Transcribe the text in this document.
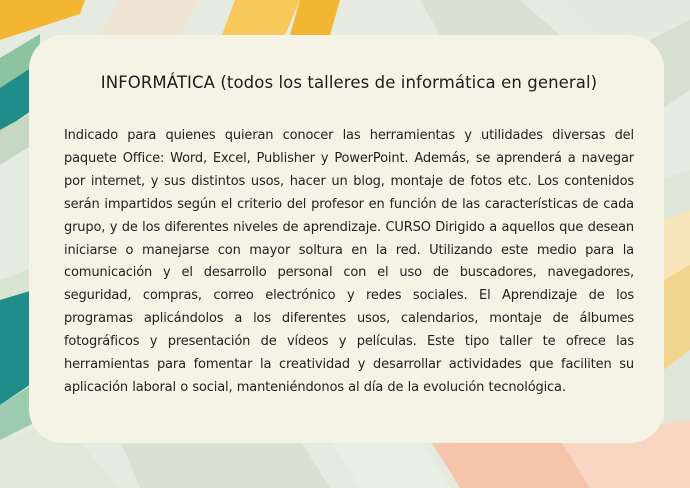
INFORMÁTICA (todos los talleres de informática en general)

Indicado para quienes quieran conocer las herramientas y utilidades diversas del paquete Office: Word, Excel, Publisher y PowerPoint. Además, se aprenderá a navegar por internet, y sus distintos usos, hacer un blog, montaje de fotos etc. Los contenidos serán impartidos según el criterio del profesor en función de las características de cada grupo, y de los diferentes niveles de aprendizaje. CURSO Dirigido a aquellos que desean iniciarse o manejarse con mayor soltura en la red. Utilizando este medio para la comunicación y el desarrollo personal con el uso de buscadores, navegadores, seguridad, compras, correo electrónico y redes sociales. El Aprendizaje de los programas aplicándolos a los diferentes usos, calendarios, montaje de álbumes fotográficos y presentación de vídeos y películas. Este tipo taller te ofrece las herramientas para fomentar la creatividad y desarrollar actividades que faciliten su aplicación laboral o social, manteniéndonos al día de la evolución tecnológica.
